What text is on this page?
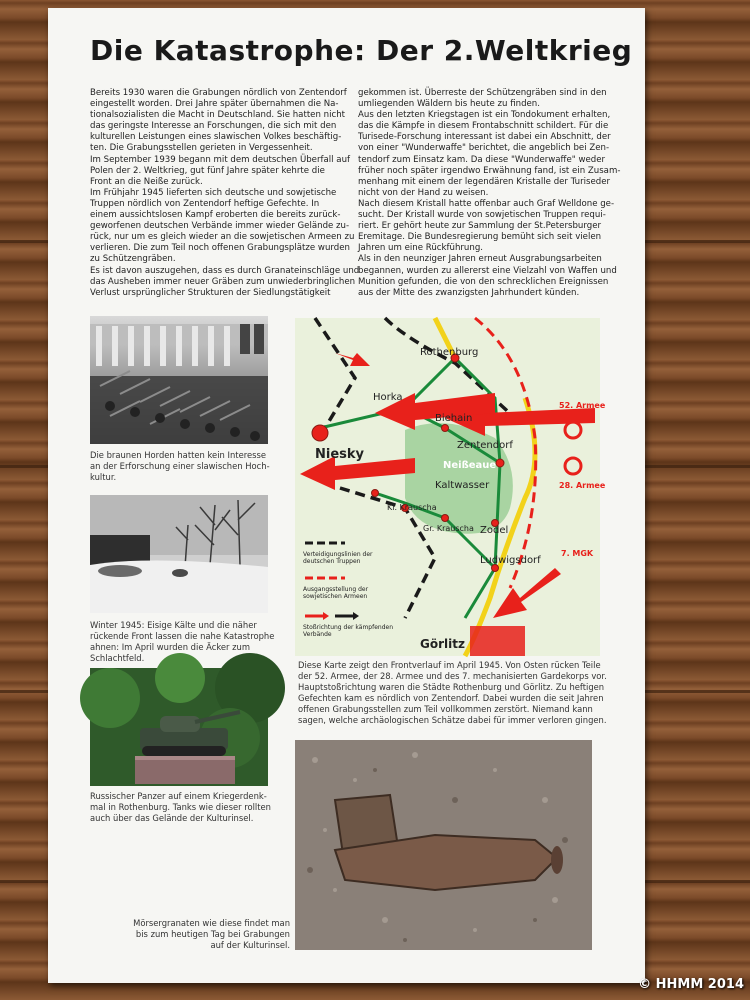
Die Katastrophe: Der 2.Weltkrieg

Bereits 1930 waren die Grabungen nördlich von Zentendorf

eingestellt worden. Drei Jahre später übernahmen die Na-

tionalsozialisten die Macht in Deutschland. Sie hatten nicht

das geringste Interesse an Forschungen, die sich mit den

kulturellen Leistungen eines slawischen Volkes beschäftig-

ten. Die Grabungsstellen gerieten in Vergessenheit.

Im September 1939 begann mit dem deutschen Überfall auf

Polen der 2. Weltkrieg, gut fünf Jahre später kehrte die

Front an die Neiße zurück.

Im Frühjahr 1945 lieferten sich deutsche und sowjetische

Truppen nördlich von Zentendorf heftige Gefechte. In

einem aussichtslosen Kampf eroberten die bereits zurück-

geworfenen deutschen Verbände immer wieder Gelände zu-

rück, nur um es gleich wieder an die sowjetischen Armeen zu

verlieren. Die zum Teil noch offenen Grabungsplätze wurden

zu Schützengräben.

Es ist davon auszugehen, dass es durch Granateinschläge und

das Ausheben immer neuer Gräben zum unwiederbringlichen

Verlust ursprünglicher Strukturen der Siedlungstätigkeit

gekommen ist. Überreste der Schützengräben sind in den

umliegenden Wäldern bis heute zu finden.

Aus den letzten Kriegstagen ist ein Tondokument erhalten,

das die Kämpfe in diesem Frontabschnitt schildert. Für die

Turisede-Forschung interessant ist dabei ein Abschnitt, der

von einer "Wunderwaffe" berichtet, die angeblich bei Zen-

tendorf zum Einsatz kam. Da diese "Wunderwaffe" weder

früher noch später irgendwo Erwähnung fand, ist ein Zusam-

menhang mit einem der legendären Kristalle der Turiseder

nicht von der Hand zu weisen.

Nach diesem Kristall hatte offenbar auch Graf Welldone ge-

sucht. Der Kristall wurde von sowjetischen Truppen requi-

riert. Er gehört heute zur Sammlung der St.Petersburger

Eremitage. Die Bundesregierung bemüht sich seit vielen

Jahren um eine Rückführung.

Als in den neunziger Jahren erneut Ausgrabungsarbeiten

begannen, wurden zu allererst eine Vielzahl von Waffen und

Munition gefunden, die von den schrecklichen Ereignissen

aus der Mitte des zwanzigsten Jahrhundert künden.

Die braunen Horden hatten kein Interesse

an der Erforschung einer slawischen Hoch-

kultur.

Winter 1945: Eisige Kälte und die näher

rückende Front lassen die nahe Katastrophe

ahnen: Im April wurden die Äcker zum

Schlachtfeld.

Russischer Panzer auf einem Kriegerdenk-

mal in Rothenburg. Tanks wie dieser rollten

auch über das Gelände der Kulturinsel.

Mörsergranaten wie diese findet man

bis zum heutigen Tag bei Grabungen

auf der Kulturinsel.

Rothenburg
Horka
Biehain
Niesky
Zentendorf
Neißeaue
Kaltwasser
Kl. Krauscha
Gr. Krauscha Zodel
Ludwigsdorf
Görlitz
52. Armee
28. Armee
7. MGK
Verteidigungslinien der
deutschen Truppen
Ausgangsstellung der
sowjetischen Armeen
Stoßrichtung der kämpfenden
Verbände

Diese Karte zeigt den Frontverlauf im April 1945. Von Osten rücken Teile

der 52. Armee, der 28. Armee und des 7. mechanisierten Gardekorps vor.

Hauptstoßrichtung waren die Städte Rothenburg und Görlitz. Zu heftigen

Gefechten kam es nördlich von Zentendorf. Dabei wurden die seit Jahren

offenen Grabungsstellen zum Teil vollkommen zerstört. Niemand kann

sagen, welche archäologischen Schätze dabei für immer verloren gingen.

© HHMM 2014
